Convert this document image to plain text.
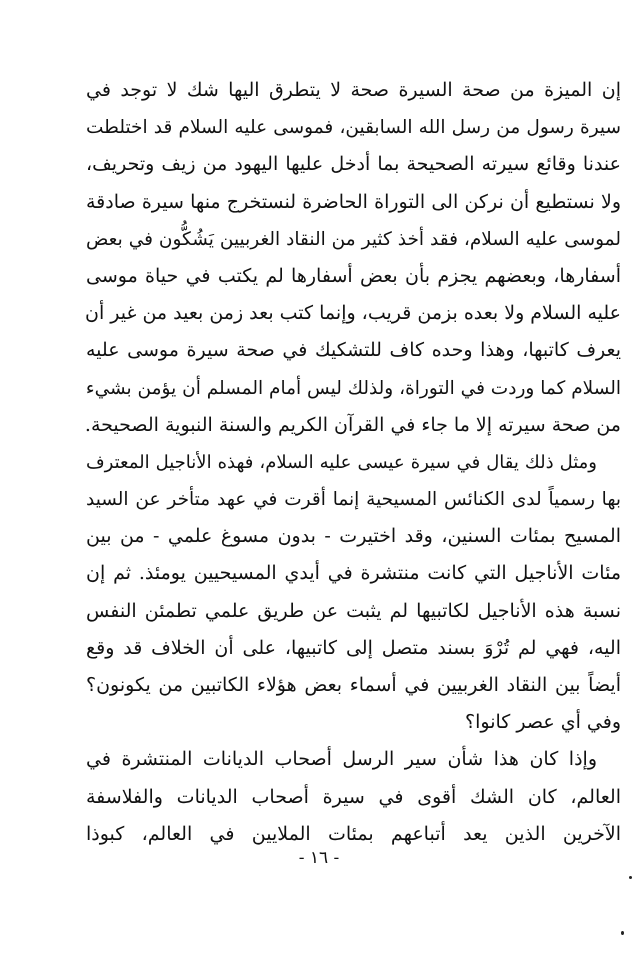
إن الميزة من صحة السيرة صحة لا يتطرق اليها شك لا توجد في
سيرة رسول من رسل الله السابقين، فموسى عليه السلام قد اختلطت
عندنا وقائع سيرته الصحيحة بما أدخل عليها اليهود من زيف وتحريف،
ولا نستطيع أن نركن الى التوراة الحاضرة لنستخرج منها سيرة صادقة
لموسى عليه السلام، فقد أخذ كثير من النقاد الغربيين يَشُكُّون في بعض
أسفارها، وبعضهم يجزم بأن بعض أسفارها لم يكتب في حياة موسى
عليه السلام ولا بعده بزمن قريب، وإنما كتب بعد زمن بعيد من غير أن
يعرف كاتبها، وهذا وحده كاف للتشكيك في صحة سيرة موسى عليه
السلام كما وردت في التوراة، ولذلك ليس أمام المسلم أن يؤمن بشيء
من صحة سيرته إلا ما جاء في القرآن الكريم والسنة النبوية الصحيحة.
ومثل ذلك يقال في سيرة عيسى عليه السلام، فهذه الأناجيل المعترف
بها رسمياً لدى الكنائس المسيحية إنما أقرت في عهد متأخر عن السيد
المسيح بمئات السنين، وقد اختيرت - بدون مسوغ علمي - من بين
مئات الأناجيل التي كانت منتشرة في أيدي المسيحيين يومئذ. ثم إن
نسبة هذه الأناجيل لكاتبيها لم يثبت عن طريق علمي تطمئن النفس
اليه، فهي لم تُرْوَ بسند متصل إلى كاتبيها، على أن الخلاف قد وقع
أيضاً بين النقاد الغربيين في أسماء بعض هؤلاء الكاتبين من يكونون؟
وفي أي عصر كانوا؟
وإذا كان هذا شأن سير الرسل أصحاب الديانات المنتشرة في
العالم، كان الشك أقوى في سيرة أصحاب الديانات والفلاسفة
الآخرين الذين يعد أتباعهم بمئات الملايين في العالم، كبوذا
- ١٦ -
